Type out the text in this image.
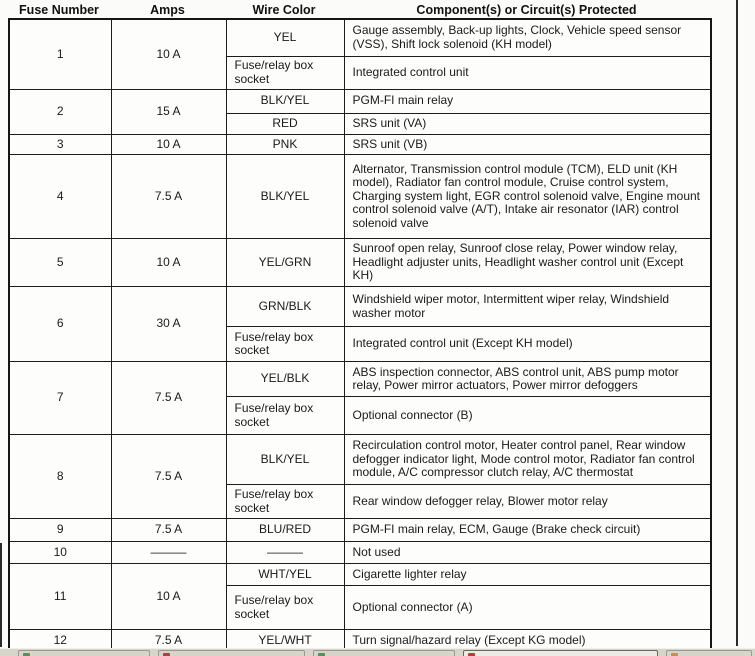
Fuse Number	Amps	Wire Color	Component(s) or Circuit(s) Protected
1	10 A	YEL	Gauge assembly, Back-up lights, Clock, Vehicle speed sensor (VSS), Shift lock solenoid (KH model)
		Fuse/relay box socket	Integrated control unit
2	15 A	BLK/YEL	PGM-FI main relay
		RED	SRS unit (VA)
3	10 A	PNK	SRS unit (VB)
4	7.5 A	BLK/YEL	Alternator, Transmission control module (TCM), ELD unit (KH model), Radiator fan control module, Cruise control system, Charging system light, EGR control solenoid valve, Engine mount control solenoid valve (A/T), Intake air resonator (IAR) control solenoid valve
5	10 A	YEL/GRN	Sunroof open relay, Sunroof close relay, Power window relay, Headlight adjuster units, Headlight washer control unit (Except KH)
6	30 A	GRN/BLK	Windshield wiper motor, Intermittent wiper relay, Windshield washer motor
		Fuse/relay box socket	Integrated control unit (Except KH model)
7	7.5 A	YEL/BLK	ABS inspection connector, ABS control unit, ABS pump motor relay, Power mirror actuators, Power mirror defoggers
		Fuse/relay box socket	Optional connector (B)
8	7.5 A	BLK/YEL	Recirculation control motor, Heater control panel, Rear window defogger indicator light, Mode control motor, Radiator fan control module, A/C compressor clutch relay, A/C thermostat
		Fuse/relay box socket	Rear window defogger relay, Blower motor relay
9	7.5 A	BLU/RED	PGM-FI main relay, ECM, Gauge (Brake check circuit)
10	———	———	Not used
11	10 A	WHT/YEL	Cigarette lighter relay
		Fuse/relay box socket	Optional connector (A)
12	7.5 A	YEL/WHT	Turn signal/hazard relay (Except KG model)
